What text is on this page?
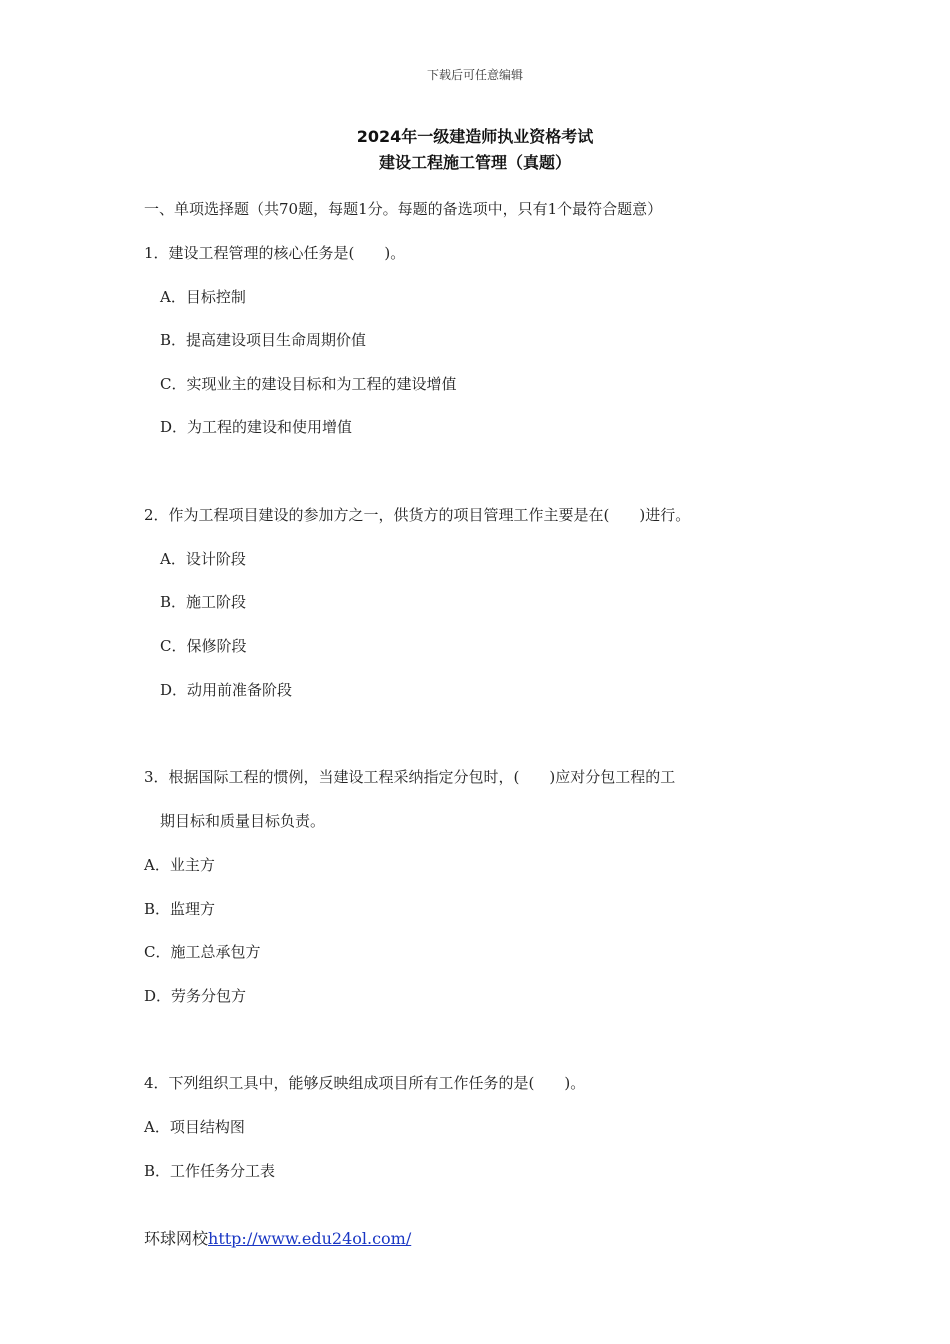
下载后可任意编辑
2024年一级建造师执业资格考试
建设工程施工管理（真题）
一、单项选择题（共70题，每题1分。每题的备选项中，只有1个最符合题意）
1．建设工程管理的核心任务是(　　)。
A．目标控制
B．提高建设项目生命周期价值
C．实现业主的建设目标和为工程的建设增值
D．为工程的建设和使用增值
2．作为工程项目建设的参加方之一，供货方的项目管理工作主要是在(　　)进行。
A．设计阶段
B．施工阶段
C．保修阶段
D．动用前准备阶段
3．根据国际工程的惯例，当建设工程采纳指定分包时，(　　)应对分包工程的工
期目标和质量目标负责。
A．业主方
B．监理方
C．施工总承包方
D．劳务分包方
4．下列组织工具中，能够反映组成项目所有工作任务的是(　　)。
A．项目结构图
B．工作任务分工表
环球网校http://www.edu24ol.com/
